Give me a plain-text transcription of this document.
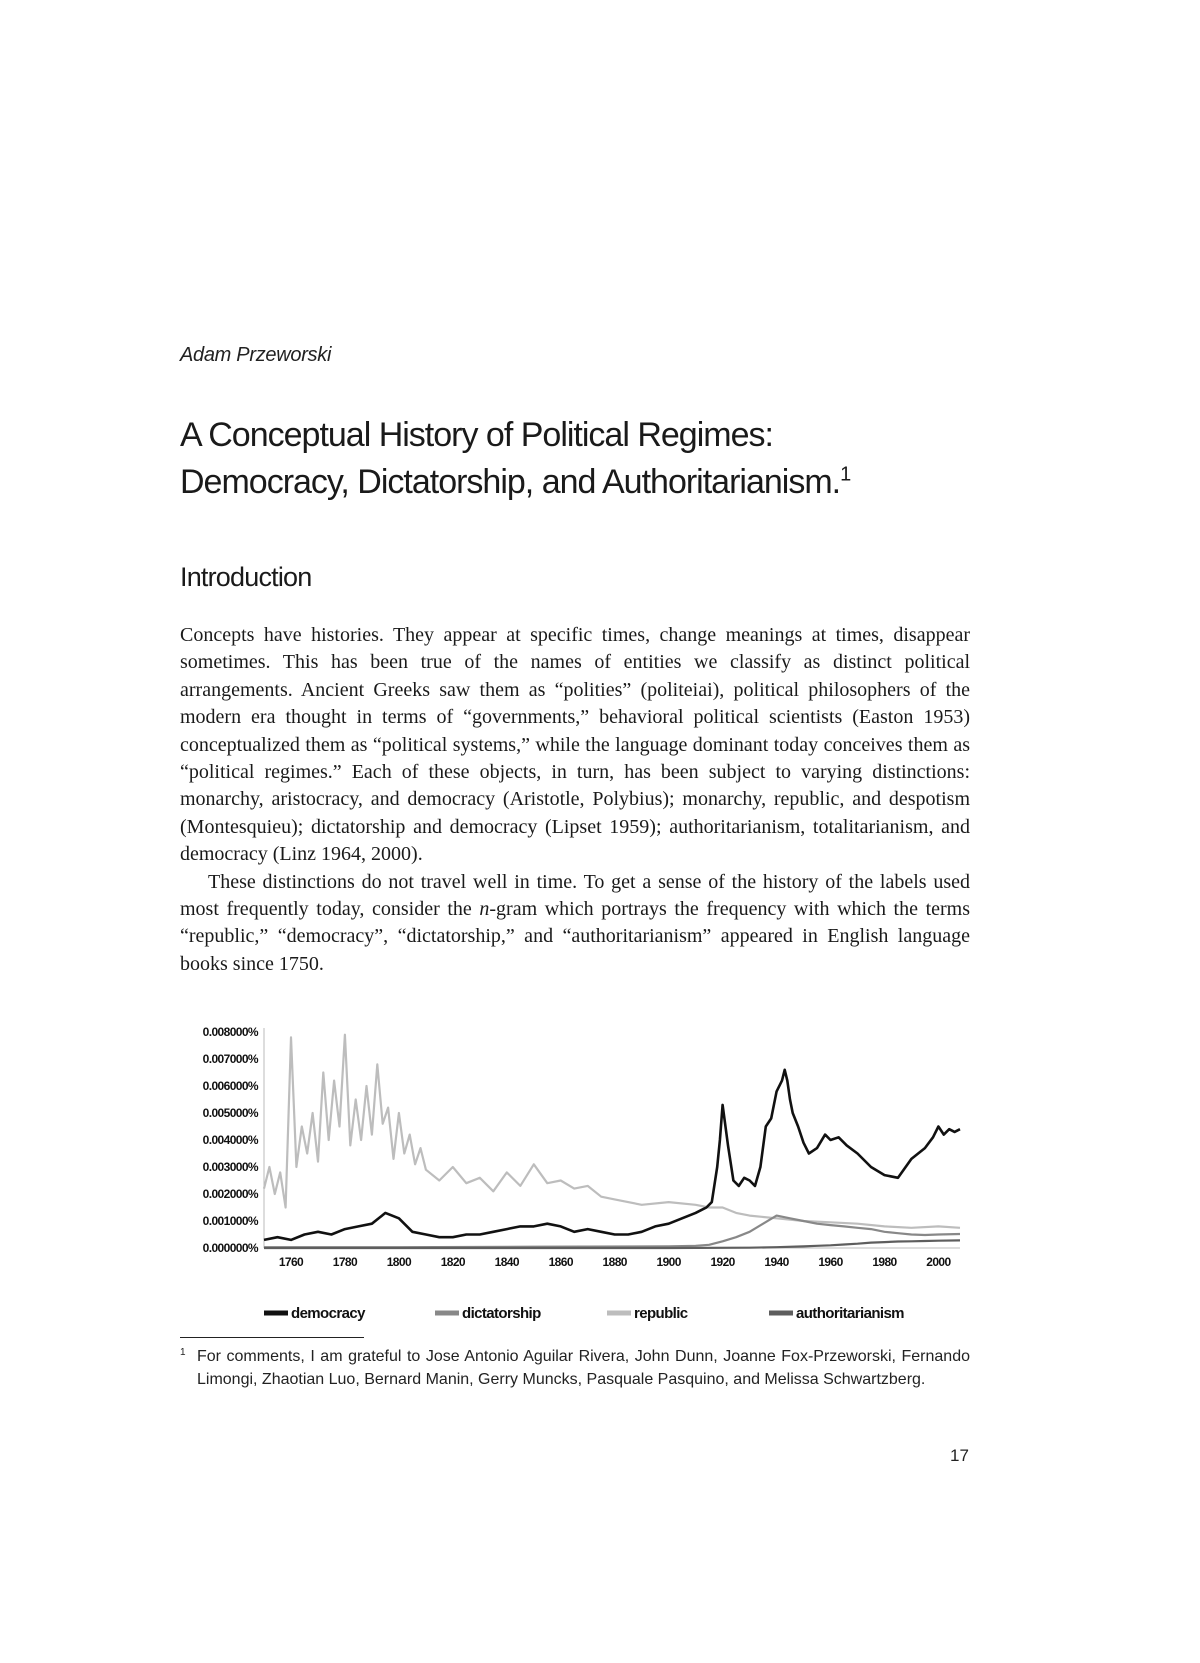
Adam Przeworski
A Conceptual History of Political Regimes:
Democracy, Dictatorship, and Authoritarianism.$^1$
Introduction

Concepts have histories. They appear at specific times, change meanings at times, disappear sometimes. This has been true of the names of entities we classify as distinct political arrangements. Ancient Greeks saw them as “polities” (politeiai), political philosophers of the modern era thought in terms of “governments,” behavioral political scientists (Easton 1953) conceptualized them as “political systems,” while the language dominant today conceives them as “political regimes.” Each of these objects, in turn, has been subject to varying distinctions: monarchy, aristocracy, and democracy (Aristotle, Polybius); monarchy, republic, and despotism (Montesquieu); dictatorship and democracy (Lipset 1959); authoritarianism, totalitarianism, and democracy (Linz 1964, 2000).

These distinctions do not travel well in time. To get a sense of the history of the labels used most frequently today, consider the n-gram which portrays the frequency with which the terms “republic,” “democracy”, “dictatorship,” and “authoritarianism” appeared in English language books since 1750.

0.008000%
0.007000%
0.006000%
0.005000%
0.004000%
0.003000%
0.002000%
0.001000%
0.000000%
1760 1780 1800 1820 1840 1860 1880 1900 1920 1940 1960 1980 2000
democracy	dictatorship	republic	authoritarianism
1 For comments, I am grateful to Jose Antonio Aguilar Rivera, John Dunn, Joanne Fox-Przeworski, Fernando Limongi, Zhaotian Luo, Bernard Manin, Gerry Muncks, Pasquale Pasquino, and Melissa Schwartzberg.
17
